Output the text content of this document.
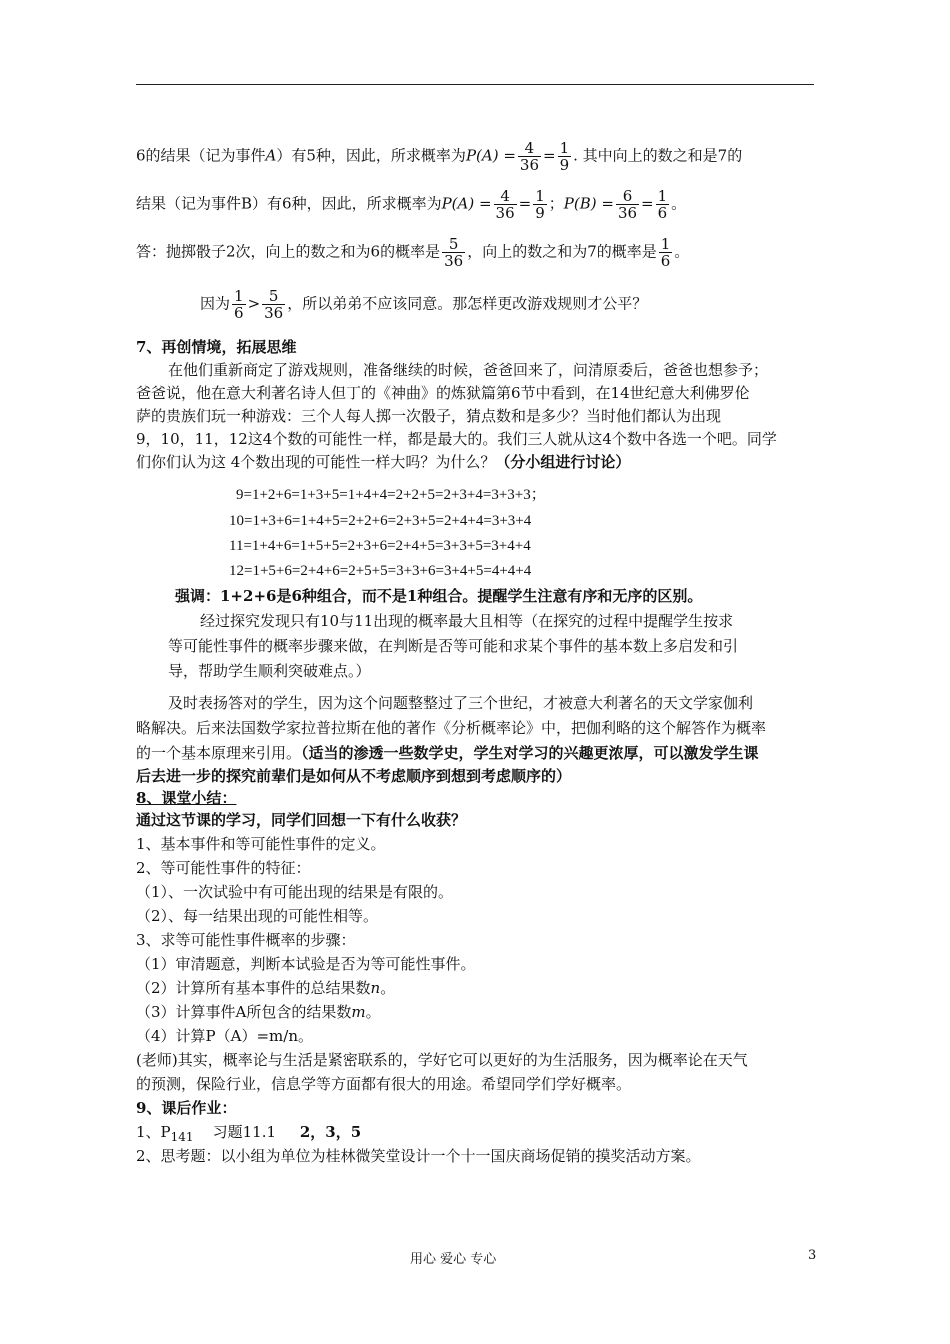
6的结果（记为事件A）有5种，因此，所求概率为$P(A) = \frac{4}{36} = \frac{1}{9}$ . 其中向上的数之和是7的
结果（记为事件B）有6种，因此，所求概率为$P(A) = \frac{4}{36} = \frac{1}{9}$ ；$P(B) = \frac{6}{36} = \frac{1}{6}$ 。
答：抛掷骰子2次，向上的数之和为6的概率是 $\frac{5}{36}$ ，向上的数之和为7的概率是 $\frac{1}{6}$ 。
因为 $\frac{1}{6} > \frac{5}{36}$ ，所以弟弟不应该同意。那怎样更改游戏规则才公平？
7、再创情境，拓展思维
在他们重新商定了游戏规则，准备继续的时候，爸爸回来了，问清原委后，爸爸也想参予；
爸爸说，他在意大利著名诗人但丁的《神曲》的炼狱篇第6节中看到，在14世纪意大利佛罗伦
萨的贵族们玩一种游戏：三个人每人掷一次骰子，猜点数和是多少？当时他们都认为出现
9，10，11，12这4个数的可能性一样，都是最大的。我们三人就从这4个数中各选一个吧。同学
们你们认为这 4个数出现的可能性一样大吗？为什么？（分小组进行讨论）
9=1+2+6=1+3+5=1+4+4=2+2+5=2+3+4=3+3+3；
10=1+3+6=1+4+5=2+2+6=2+3+5=2+4+4=3+3+4
11=1+4+6=1+5+5=2+3+6=2+4+5=3+3+5=3+4+4
12=1+5+6=2+4+6=2+5+5=3+3+6=3+4+5=4+4+4
强调：1+2+6是6种组合，而不是1种组合。提醒学生注意有序和无序的区别。
经过探究发现只有10与11出现的概率最大且相等（在探究的过程中提醒学生按求
等可能性事件的概率步骤来做，在判断是否等可能和求某个事件的基本数上多启发和引
导，帮助学生顺利突破难点。）
及时表扬答对的学生，因为这个问题整整过了三个世纪，才被意大利著名的天文学家伽利
略解决。后来法国数学家拉普拉斯在他的著作《分析概率论》中，把伽利略的这个解答作为概率
的一个基本原理来引用。（适当的渗透一些数学史，学生对学习的兴趣更浓厚，可以激发学生课
后去进一步的探究前辈们是如何从不考虑顺序到想到考虑顺序的）
8、课堂小结：
通过这节课的学习，同学们回想一下有什么收获？
1、基本事件和等可能性事件的定义。
2、等可能性事件的特征：
（1）、一次试验中有可能出现的结果是有限的。
（2）、每一结果出现的可能性相等。
3、求等可能性事件概率的步骤：
（1）审清题意，判断本试验是否为等可能性事件。
（2）计算所有基本事件的总结果数n。
（3）计算事件A所包含的结果数m。
（4）计算P（A）=m/n。
(老师)其实，概率论与生活是紧密联系的，学好它可以更好的为生活服务，因为概率论在天气
的预测，保险行业，信息学等方面都有很大的用途。希望同学们学好概率。
9、课后作业：
1、$P_{141}$    习题11.1     2，3，5
2、思考题：以小组为单位为桂林微笑堂设计一个十一国庆商场促销的摸奖活动方案。
用心 爱心 专心	3
